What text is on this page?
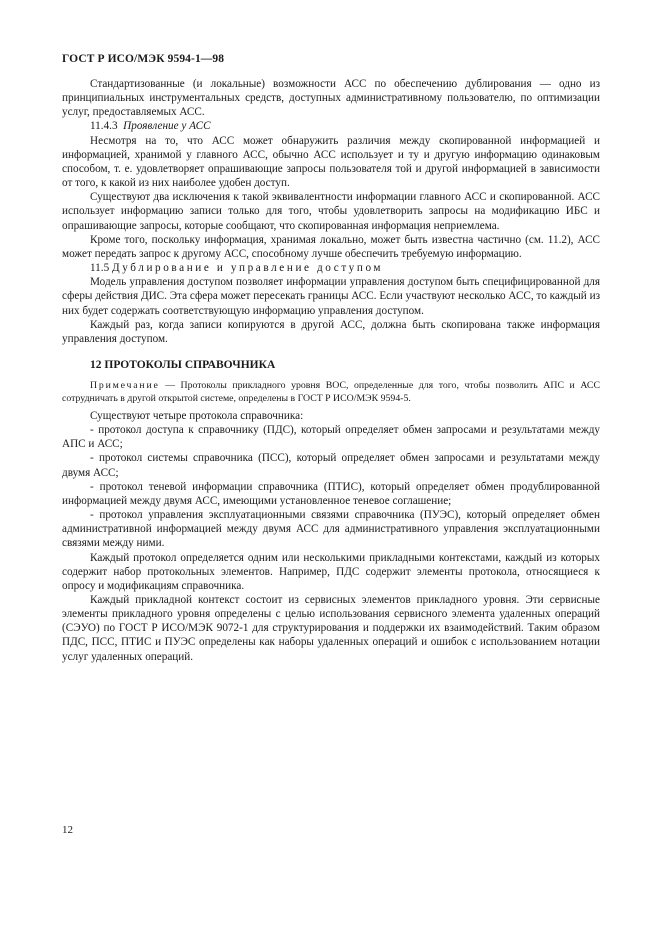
ГОСТ Р ИСО/МЭК 9594-1—98

Стандартизованные (и локальные) возможности АСС по обеспечению дублирования — одно из принципиальных инструментальных средств, доступных административному пользователю, по оптимизации услуг, предоставляемых АСС.

11.4.3 Проявление у АСС

Несмотря на то, что АСС может обнаружить различия между скопированной информацией и информацией, хранимой у главного АСС, обычно АСС использует и ту и другую информацию одинаковым способом, т. е. удовлетворяет опрашивающие запросы пользователя той и другой информацией в зависимости от того, к какой из них наиболее удобен доступ.

Существуют два исключения к такой эквивалентности информации главного АСС и скопированной. АСС использует информацию записи только для того, чтобы удовлетворить запросы на модификацию ИБС и опрашивающие запросы, которые сообщают, что скопированная информация неприемлема.

Кроме того, поскольку информация, хранимая локально, может быть известна частично (см. 11.2), АСС может передать запрос к другому АСС, способному лучше обеспечить требуемую информацию.

11.5 Дублирование и управление доступом

Модель управления доступом позволяет информации управления доступом быть специфицированной для сферы действия ДИС. Эта сфера может пересекать границы АСС. Если участвуют несколько АСС, то каждый из них будет содержать соответствующую информацию управления доступом.

Каждый раз, когда записи копируются в другой АСС, должна быть скопирована также информация управления доступом.

12 ПРОТОКОЛЫ СПРАВОЧНИКА

Примечание — Протоколы прикладного уровня ВОС, определенные для того, чтобы позволить АПС и АСС сотрудничать в другой открытой системе, определены в ГОСТ Р ИСО/МЭК 9594-5.

Существуют четыре протокола справочника:

- протокол доступа к справочнику (ПДС), который определяет обмен запросами и результатами между АПС и АСС;

- протокол системы справочника (ПСС), который определяет обмен запросами и результатами между двумя АСС;

- протокол теневой информации справочника (ПТИС), который определяет обмен продублированной информацией между двумя АСС, имеющими установленное теневое соглашение;

- протокол управления эксплуатационными связями справочника (ПУЭС), который определяет обмен административной информацией между двумя АСС для административного управления эксплуатационными связями между ними.

Каждый протокол определяется одним или несколькими прикладными контекстами, каждый из которых содержит набор протокольных элементов. Например, ПДС содержит элементы протокола, относящиеся к опросу и модификациям справочника.

Каждый прикладной контекст состоит из сервисных элементов прикладного уровня. Эти сервисные элементы прикладного уровня определены с целью использования сервисного элемента удаленных операций (СЭУО) по ГОСТ Р ИСО/МЭК 9072-1 для структурирования и поддержки их взаимодействий. Таким образом ПДС, ПСС, ПТИС и ПУЭС определены как наборы удаленных операций и ошибок с использованием нотации услуг удаленных операций.

12
